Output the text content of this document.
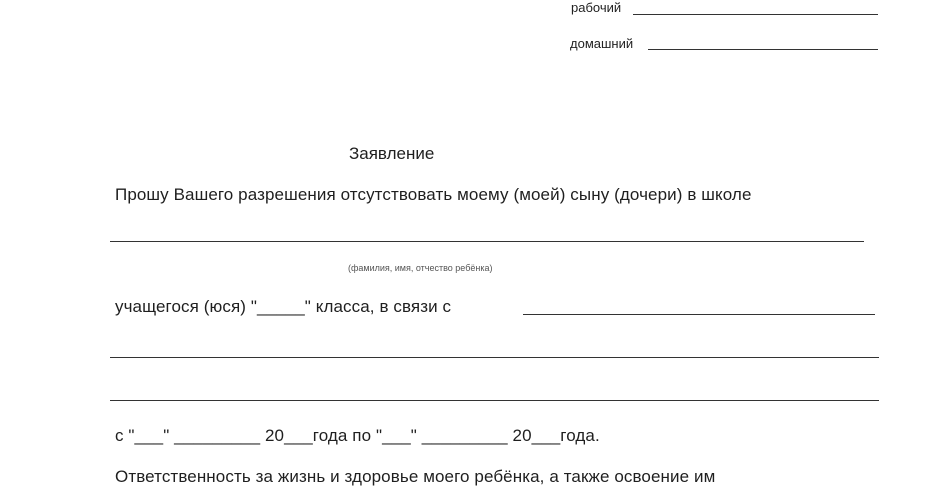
рабочий
домашний
Заявление
Прошу Вашего разрешения отсутствовать моему (моей) сыну (дочери) в школе
(фамилия, имя, отчество ребёнка)
учащегося (юся) "_____" класса, в связи с
с "___" _________ 20___года по "___" _________ 20___года.
Ответственность за жизнь и здоровье моего ребёнка, а также освоение им
